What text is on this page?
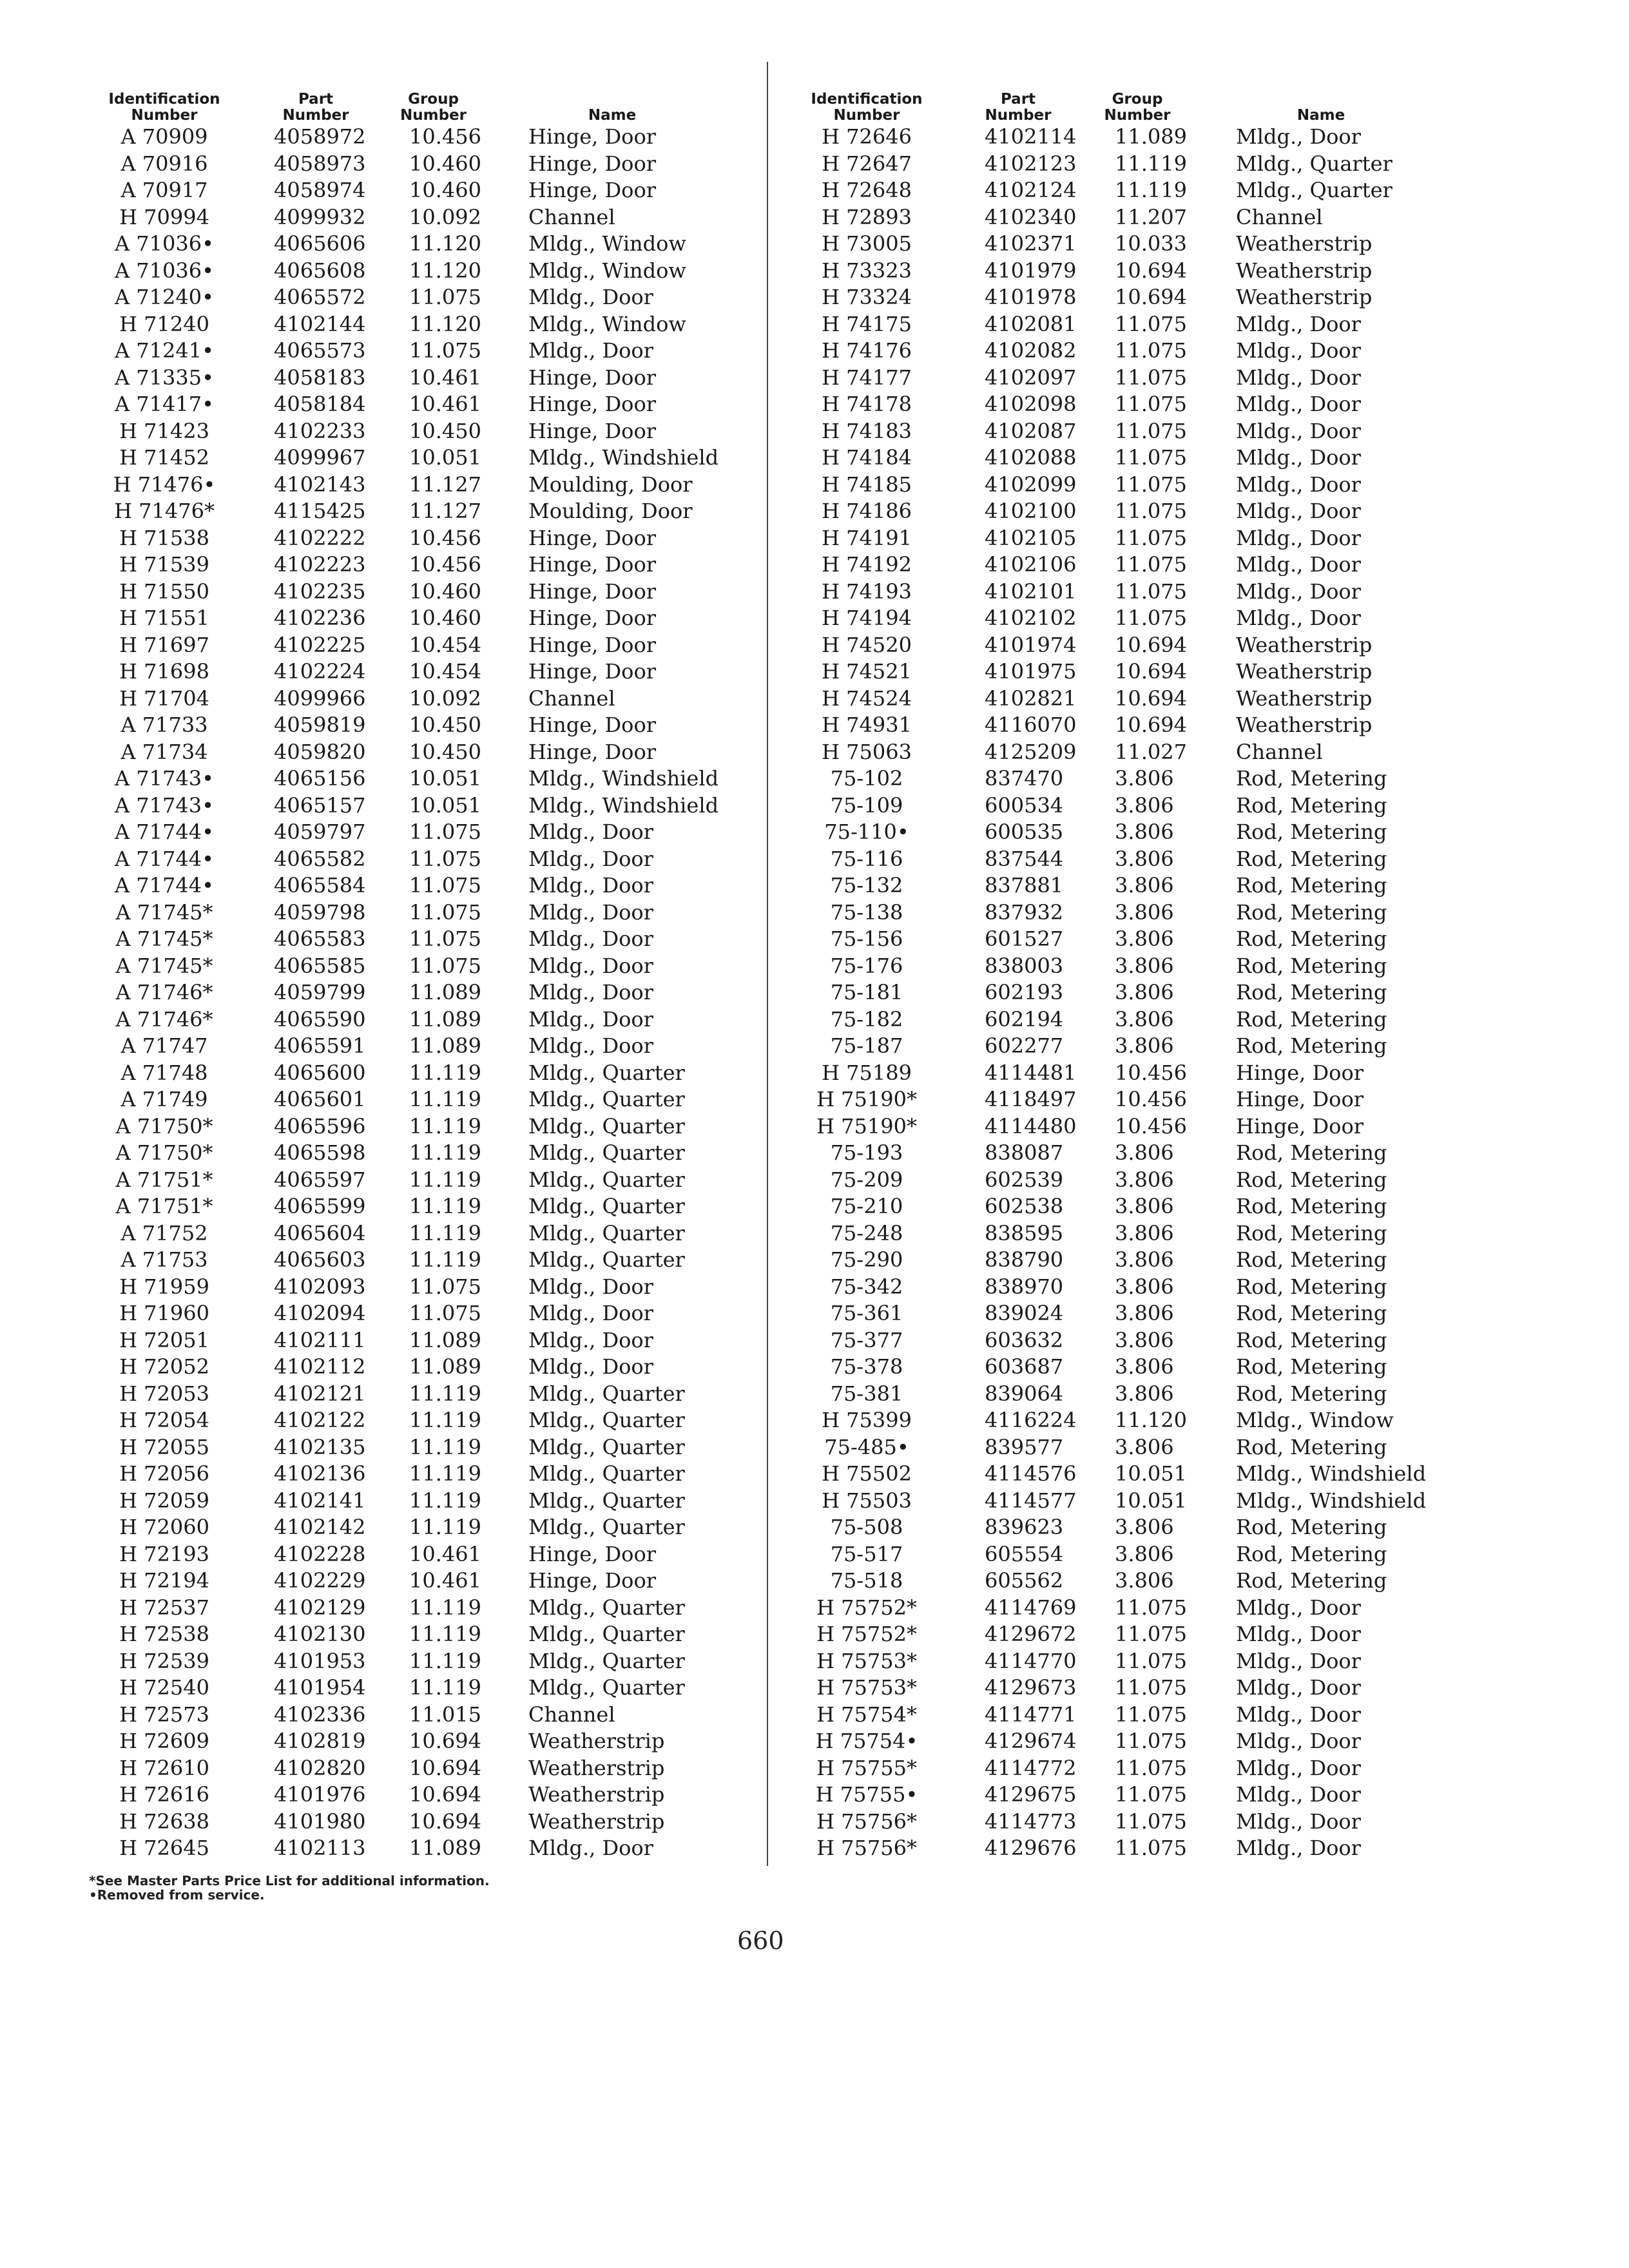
Identification
Number
Part
Number
Group
Number	Name
A 70909	4058972 10.456	Hinge, Door
A 70916	4058973 10.460	Hinge, Door
A 70917	4058974 10.460	Hinge, Door
H 70994	4099932 10.092	Channel
A 71036•	4065606 11.120	Mldg., Window
A 71036•	4065608 11.120	Mldg., Window
A 71240•	4065572 11.075	Mldg., Door
H 71240	4102144 11.120	Mldg., Window
A 71241•	4065573 11.075	Mldg., Door
A 71335•	4058183 10.461	Hinge, Door
A 71417•	4058184 10.461	Hinge, Door
H 71423	4102233 10.450	Hinge, Door
H 71452	4099967 10.051	Mldg., Windshield
H 71476•	4102143 11.127	Moulding, Door
H 71476*	4115425 11.127	Moulding, Door
H 71538	4102222 10.456	Hinge, Door
H 71539	4102223 10.456	Hinge, Door
H 71550	4102235 10.460	Hinge, Door
H 71551	4102236 10.460	Hinge, Door
H 71697	4102225 10.454	Hinge, Door
H 71698	4102224 10.454	Hinge, Door
H 71704	4099966 10.092	Channel
A 71733	4059819 10.450	Hinge, Door
A 71734	4059820 10.450	Hinge, Door
A 71743•	4065156 10.051	Mldg., Windshield
A 71743•	4065157 10.051	Mldg., Windshield
A 71744•	4059797 11.075	Mldg., Door
A 71744•	4065582 11.075	Mldg., Door
A 71744•	4065584 11.075	Mldg., Door
A 71745*	4059798 11.075	Mldg., Door
A 71745*	4065583 11.075	Mldg., Door
A 71745*	4065585 11.075	Mldg., Door
A 71746*	4059799 11.089	Mldg., Door
A 71746*	4065590 11.089	Mldg., Door
A 71747	4065591 11.089	Mldg., Door
A 71748	4065600 11.119	Mldg., Quarter
A 71749	4065601 11.119	Mldg., Quarter
A 71750*	4065596 11.119	Mldg., Quarter
A 71750*	4065598 11.119	Mldg., Quarter
A 71751*	4065597 11.119	Mldg., Quarter
A 71751*	4065599 11.119	Mldg., Quarter
A 71752	4065604 11.119	Mldg., Quarter
A 71753	4065603 11.119	Mldg., Quarter
H 71959	4102093 11.075	Mldg., Door
H 71960	4102094 11.075	Mldg., Door
H 72051	4102111 11.089	Mldg., Door
H 72052	4102112 11.089	Mldg., Door
H 72053	4102121 11.119	Mldg., Quarter
H 72054	4102122 11.119	Mldg., Quarter
H 72055	4102135 11.119	Mldg., Quarter
H 72056	4102136 11.119	Mldg., Quarter
H 72059	4102141 11.119	Mldg., Quarter
H 72060	4102142 11.119	Mldg., Quarter
H 72193	4102228 10.461	Hinge, Door
H 72194	4102229 10.461	Hinge, Door
H 72537	4102129 11.119	Mldg., Quarter
H 72538	4102130 11.119	Mldg., Quarter
H 72539	4101953 11.119	Mldg., Quarter
H 72540	4101954 11.119	Mldg., Quarter
H 72573	4102336 11.015	Channel
H 72609	4102819 10.694	Weatherstrip
H 72610	4102820 10.694	Weatherstrip
H 72616	4101976 10.694	Weatherstrip
H 72638	4101980 10.694	Weatherstrip
H 72645	4102113 11.089	Mldg., Door
Identification
Number
Part
Number
Group
Number	Name
H 72646	4102114 11.089	Mldg., Door
H 72647	4102123 11.119	Mldg., Quarter
H 72648	4102124 11.119	Mldg., Quarter
H 72893	4102340 11.207	Channel
H 73005	4102371 10.033	Weatherstrip
H 73323	4101979 10.694	Weatherstrip
H 73324	4101978 10.694	Weatherstrip
H 74175	4102081 11.075	Mldg., Door
H 74176	4102082 11.075	Mldg., Door
H 74177	4102097 11.075	Mldg., Door
H 74178	4102098 11.075	Mldg., Door
H 74183	4102087 11.075	Mldg., Door
H 74184	4102088 11.075	Mldg., Door
H 74185	4102099 11.075	Mldg., Door
H 74186	4102100 11.075	Mldg., Door
H 74191	4102105 11.075	Mldg., Door
H 74192	4102106 11.075	Mldg., Door
H 74193	4102101 11.075	Mldg., Door
H 74194	4102102 11.075	Mldg., Door
H 74520	4101974 10.694	Weatherstrip
H 74521	4101975 10.694	Weatherstrip
H 74524	4102821 10.694	Weatherstrip
H 74931	4116070 10.694	Weatherstrip
H 75063	4125209 11.027	Channel
75-102	837470	3.806	Rod, Metering
75-109	600534	3.806	Rod, Metering
75-110•	600535	3.806	Rod, Metering
75-116	837544	3.806	Rod, Metering
75-132	837881	3.806	Rod, Metering
75-138	837932	3.806	Rod, Metering
75-156	601527	3.806	Rod, Metering
75-176	838003	3.806	Rod, Metering
75-181	602193	3.806	Rod, Metering
75-182	602194	3.806	Rod, Metering
75-187	602277	3.806	Rod, Metering
H 75189	4114481 10.456	Hinge, Door
H 75190*	4118497 10.456	Hinge, Door
H 75190*	4114480 10.456	Hinge, Door
75-193	838087	3.806	Rod, Metering
75-209	602539	3.806	Rod, Metering
75-210	602538	3.806	Rod, Metering
75-248	838595	3.806	Rod, Metering
75-290	838790	3.806	Rod, Metering
75-342	838970	3.806	Rod, Metering
75-361	839024	3.806	Rod, Metering
75-377	603632	3.806	Rod, Metering
75-378	603687	3.806	Rod, Metering
75-381	839064	3.806	Rod, Metering
H 75399	4116224 11.120	Mldg., Window
75-485•	839577	3.806	Rod, Metering
H 75502	4114576 10.051	Mldg., Windshield
H 75503	4114577 10.051	Mldg., Windshield
75-508	839623	3.806	Rod, Metering
75-517	605554	3.806	Rod, Metering
75-518	605562	3.806	Rod, Metering
H 75752*	4114769 11.075	Mldg., Door
H 75752*	4129672 11.075	Mldg., Door
H 75753*	4114770 11.075	Mldg., Door
H 75753*	4129673 11.075	Mldg., Door
H 75754*	4114771 11.075	Mldg., Door
H 75754•	4129674 11.075	Mldg., Door
H 75755*	4114772 11.075	Mldg., Door
H 75755•	4129675 11.075	Mldg., Door
H 75756*	4114773 11.075	Mldg., Door
H 75756*	4129676 11.075	Mldg., Door
*See Master Parts Price List for additional information.
•Removed from service.
660
